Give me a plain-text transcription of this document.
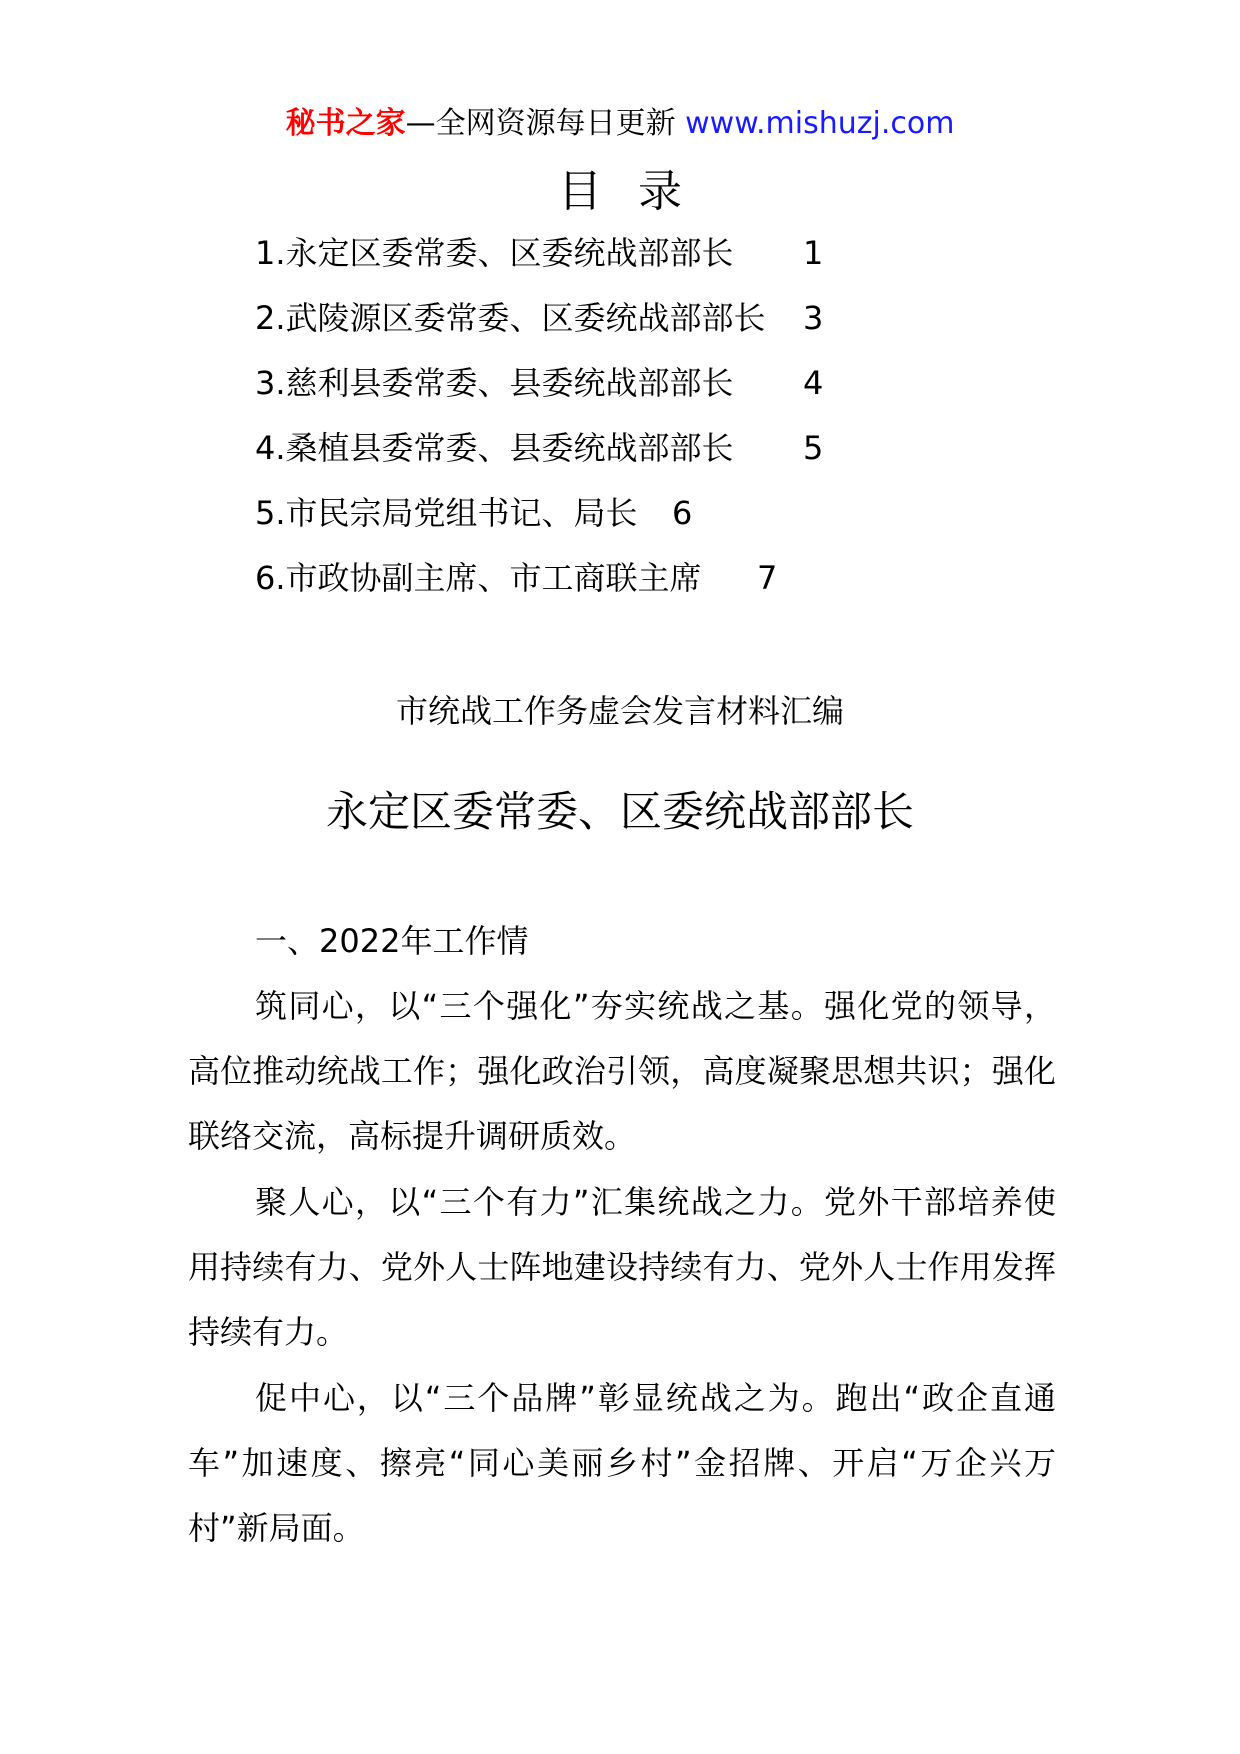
秘书之家—全网资源每日更新 www.mishuzj.com
目录
1.永定区委常委、区委统战部部长 1
2.武陵源区委常委、区委统战部部长 3
3.慈利县委常委、县委统战部部长 4
4.桑植县委常委、县委统战部部长 5
5.市民宗局党组书记、局长 6
6.市政协副主席、市工商联主席 7
市统战工作务虚会发言材料汇编
永定区委常委、区委统战部部长
一、2022年工作情
筑同心，以“三个强化”夯实统战之基。强化党的领导，高位推动统战工作；强化政治引领，高度凝聚思想共识；强化联络交流，高标提升调研质效。
聚人心，以“三个有力”汇集统战之力。党外干部培养使用持续有力、党外人士阵地建设持续有力、党外人士作用发挥持续有力。
促中心，以“三个品牌”彰显统战之为。跑出“政企直通车”加速度、擦亮“同心美丽乡村”金招牌、开启“万企兴万村”新局面。
